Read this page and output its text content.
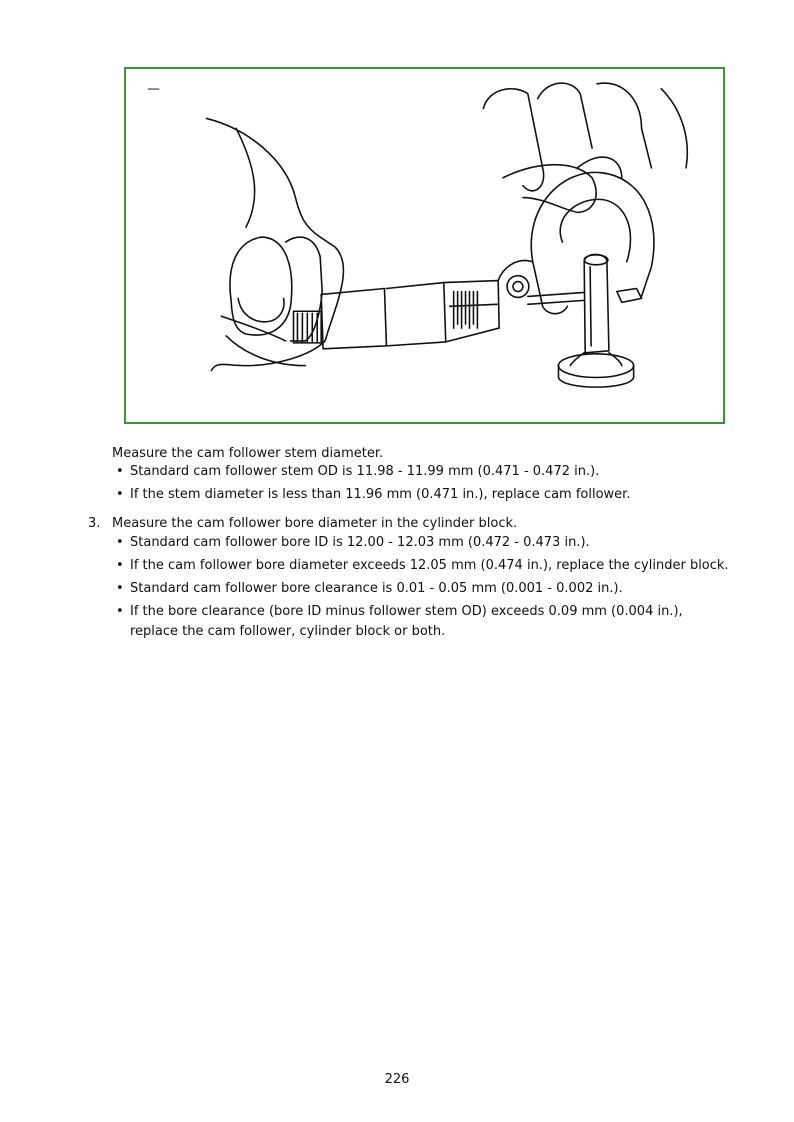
—
Measure the cam follower stem diameter.
• Standard cam follower stem OD is 11.98 - 11.99 mm (0.471 - 0.472 in.).
• If the stem diameter is less than 11.96 mm (0.471 in.), replace cam follower.
3. Measure the cam follower bore diameter in the cylinder block.
• Standard cam follower bore ID is 12.00 - 12.03 mm (0.472 - 0.473 in.).
• If the cam follower bore diameter exceeds 12.05 mm (0.474 in.), replace the cylinder block.
• Standard cam follower bore clearance is 0.01 - 0.05 mm (0.001 - 0.002 in.).
• If the bore clearance (bore ID minus follower stem OD) exceeds 0.09 mm (0.004 in.), replace the cam follower, cylinder block or both.
226
